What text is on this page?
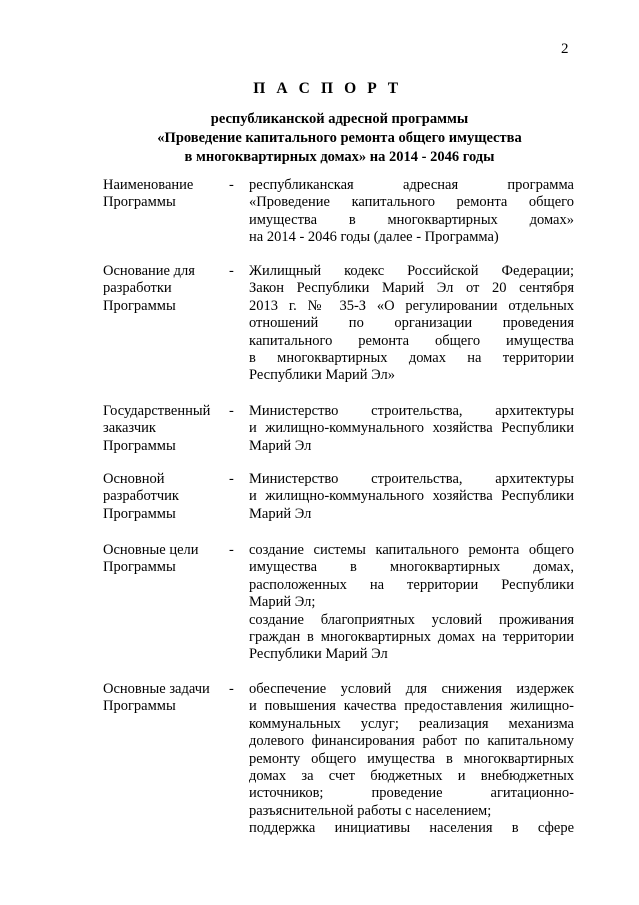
2
П А С П О Р Т
республиканской адресной программы
«Проведение капитального ремонта общего имущества
в многоквартирных домах» на 2014 - 2046 годы
Наименование
Программы
- республиканская адресная программа
«Проведение капитального ремонта общего
имущества в многоквартирных домах»
на 2014 - 2046 годы (далее - Программа)
Основание для
разработки
Программы
- Жилищный кодекс Российской Федерации;
Закон Республики Марий Эл от 20 сентября
2013 г. № 35-З «О регулировании отдельных
отношений по организации проведения
капитального ремонта общего имущества
в многоквартирных домах на территории
Республики Марий Эл»
Государственный
заказчик
Программы
- Министерство строительства, архитектуры
и жилищно-коммунального хозяйства Республики
Марий Эл
Основной
разработчик
Программы
- Министерство строительства, архитектуры
и жилищно-коммунального хозяйства Республики
Марий Эл
Основные цели
Программы
- создание системы капитального ремонта общего
имущества в многоквартирных домах,
расположенных на территории Республики
Марий Эл;
создание благоприятных условий проживания
граждан в многоквартирных домах на территории
Республики Марий Эл
Основные задачи
Программы
- обеспечение условий для снижения издержек
и повышения качества предоставления жилищно-
коммунальных услуг; реализация механизма
долевого финансирования работ по капитальному
ремонту общего имущества в многоквартирных
домах за счет бюджетных и внебюджетных
источников; проведение агитационно-
разъяснительной работы с населением;
поддержка инициативы населения в сфере
